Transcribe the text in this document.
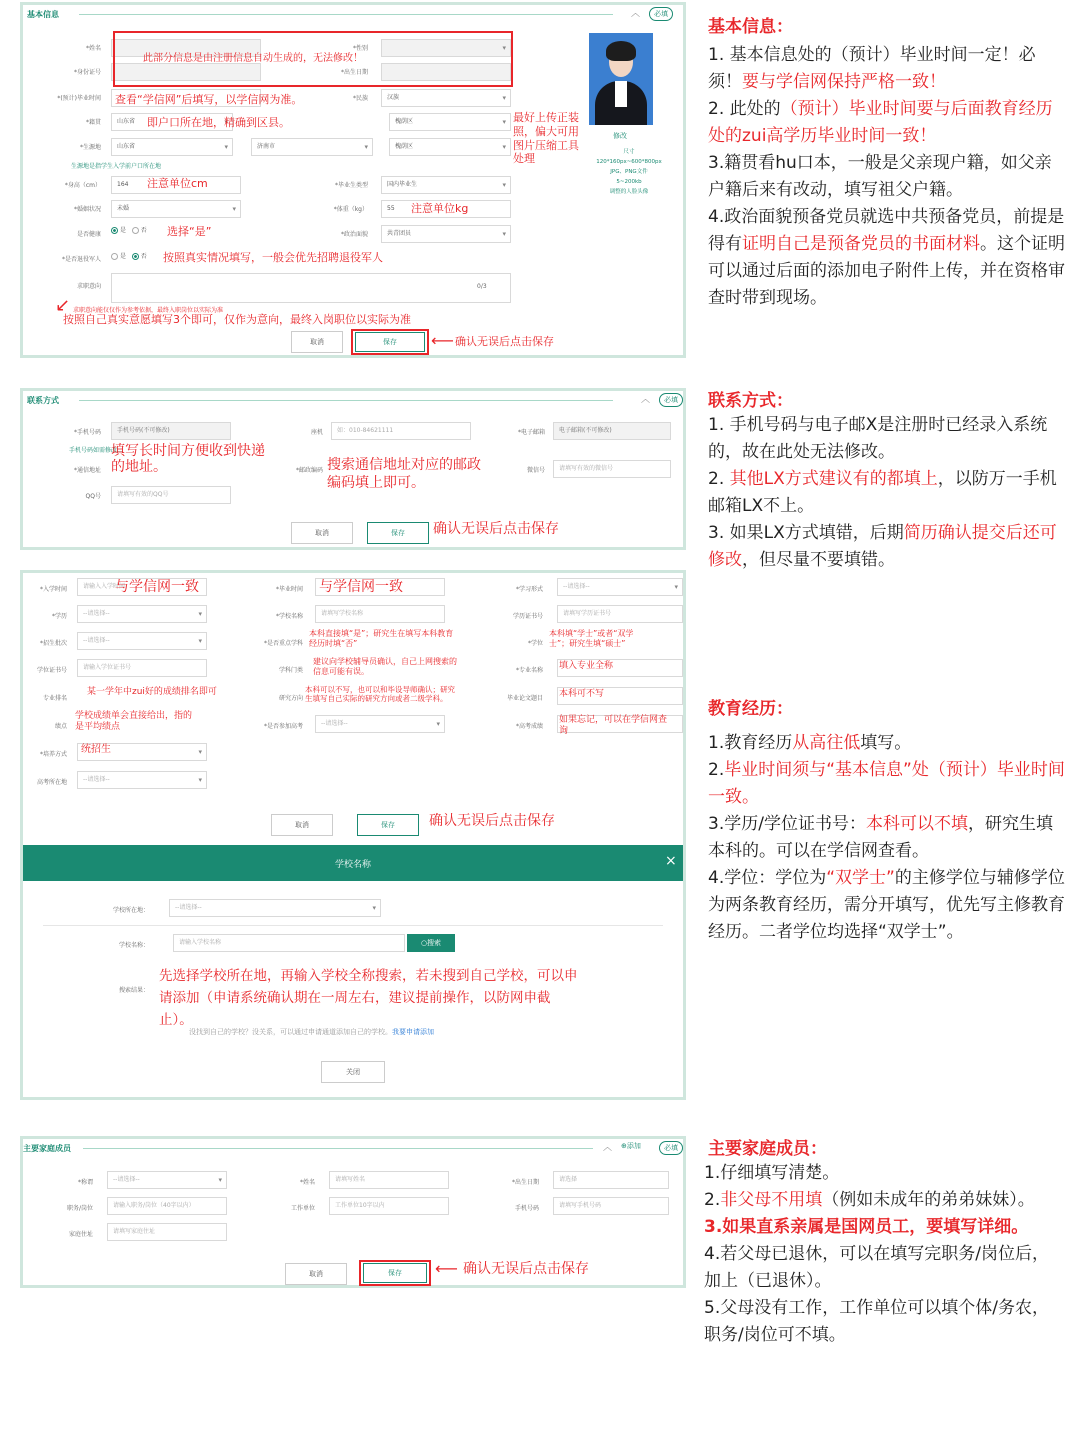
基本信息	︿	必填
*姓名	*性别
▾
*身份证号	*出生日期
此部分信息是由注册信息自动生成的，无法修改！
*(预计)毕业时间 查看“学信网”后填写，以学信网为准。	*民族	汉族 ▾
*籍贯	山东省 ▾	即户口所在地，精确到区县。	槐荫区 ▾
*生源地	山东省 ▾	济南市 ▾	槐荫区 ▾
生源地是指学生入学前户口所在地
*身高（cm）	164	注意单位cm	*毕业生类型	国内毕业生 ▾
*婚姻状况	未婚 ▾	*体重（kg）	55	注意单位kg
是否健康
是 否 选择“是”	*政治面貌	共青团员 ▾
*是否退役军人	是 否 按照真实情况填写，一般会优先招聘退役军人
求职意向	0/3
求职意向能仅仅作为参考依据，最终入职岗位以实际为准
按照自己真实意愿填写3个即可，仅作为意向，最终入岗职位以实际为准
↙
取消	保存	⟵ 确认无误后点击保存
修改
尺寸
120*160px~600*800px
JPG、PNG文件
5~200kb
调整的人脸头像
最好上传正装
照，偏大可用
图片压缩工具
处理
联系方式	︿	必填
*手机号码	手机号码(不可修改)	座机	如：010-84621111	*电子邮箱	电子邮箱(不可修改)
手机号码如需修改…
*通信地址	*邮政编码	微信号	请填写有效的微信号
填写长时间方便收到快递
的地址。	搜索通信地址对应的邮政
编码填上即可。
QQ号	请填写有效的QQ号
取消	保存	确认无误后点击保存
*入学时间	请输入入学时间
与学信网一致	*毕业时间 与学信网一致	*学习形式	--请选择-- ▾
*学历	--请选择-- ▾	*学校名称	请填写学校名称	学历证书号	请填写学历证书号
*招生批次	--请选择-- ▾	*是否重点学科
本科直接填“是”；研究生在填写本科教育
经历时填“否”	*学位
本科填“学士”或者“双学
士”；研究生填“硕士”
学位证书号	请输入学位证书号	学科门类
建议向学校辅导员确认，自己上网搜索的
信息可能有误。	*专业名称 填入专业全称
专业排名
某一学年中zui好的成绩排名即可
研究方向
本科可以不写，也可以和毕设导师确认；研究
生填写自己实际的研究方向或者二级学科。	毕业论文题目 本科可不写
绩点
学校成绩单会直接给出，指的
是平均绩点	*是否参加高考	--请选择-- ▾	*高考成绩
如果忘记，可以在学信网查
询
*培养方式
▾ 统招生
高考所在地	--请选择-- ▾
取消	保存	确认无误后点击保存
学校名称	×
学校所在地：	--请选择-- ▾
学校名称：	请输入学校名称	○搜索
搜索结果：
先选择学校所在地，再输入学校全称搜索，若未搜到自己学校，可以申
请添加（申请系统确认期在一周左右，建议提前操作，以防网申截
止）。
没找到自己的学校？没关系，可以通过申请通道添加自己的学校。我要申请添加
关闭
主要家庭成员	︿ ⊕添加	必填
*称谓	--请选择-- ▾	*姓名	请填写姓名	*出生日期	请选择
职务/岗位	请输入职务/岗位（40字以内）	工作单位	工作单位10字以内	手机号码	请填写手机号码
家庭住址	请填写家庭住址
取消	保存	⟵ 确认无误后点击保存
基本信息：

1. 基本信息处的（预计）毕业时间一定！必须！要与学信网保持严格一致！

2. 此处的（预计）毕业时间要与后面教育经历处的zui高学历毕业时间一致！

3.籍贯看hu口本，一般是父亲现户籍，如父亲户籍后来有改动，填写祖父户籍。

4.政治面貌预备党员就选中共预备党员，前提是得有证明自己是预备党员的书面材料。这个证明可以通过后面的添加电子附件上传，并在资格审查时带到现场。

联系方式：

1. 手机号码与电子邮X是注册时已经录入系统的，故在此处无法修改。

2. 其他LX方式建议有的都填上，以防万一手机邮箱LX不上。

3. 如果LX方式填错，后期简历确认提交后还可修改，但尽量不要填错。

教育经历：

1.教育经历从高往低填写。

2.毕业时间须与“基本信息”处（预计）毕业时间一致。

3.学历/学位证书号：本科可以不填，研究生填本科的。可以在学信网查看。

4.学位：学位为“双学士”的主修学位与辅修学位为两条教育经历，需分开填写，优先写主修教育经历。二者学位均选择“双学士”。

主要家庭成员：

1.仔细填写清楚。

2.非父母不用填（例如未成年的弟弟妹妹）。

3.如果直系亲属是国网员工，要填写详细。

4.若父母已退休，可以在填写完职务/岗位后，加上（已退休）。

5.父母没有工作，工作单位可以填个体/务农，职务/岗位可不填。
